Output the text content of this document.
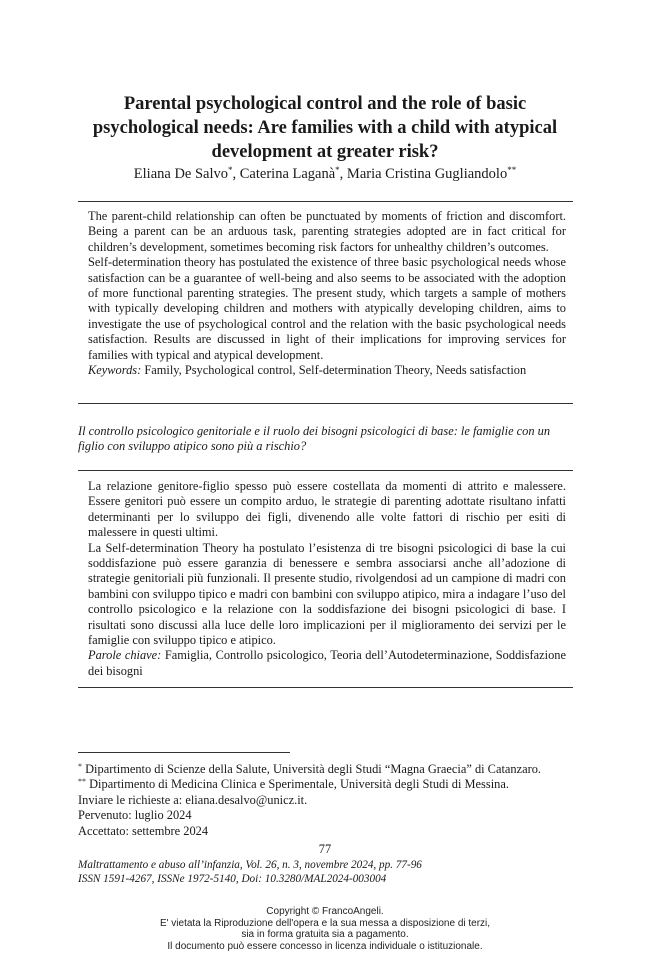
Parental psychological control and the role of basic psychological needs: Are families with a child with atypical development at greater risk?
Eliana De Salvo*, Caterina Laganà*, Maria Cristina Gugliandolo**

The parent-child relationship can often be punctuated by moments of friction and discomfort. Being a parent can be an arduous task, parenting strategies adopted are in fact critical for children’s development, sometimes becoming risk factors for unhealthy children’s outcomes.

Self-determination theory has postulated the existence of three basic psychological needs whose satisfaction can be a guarantee of well-being and also seems to be associated with the adoption of more functional parenting strategies. The present study, which targets a sample of mothers with typically developing children and mothers with atypically developing children, aims to investigate the use of psychological control and the relation with the basic psychological needs satisfaction. Results are discussed in light of their implications for improving services for families with typical and atypical development.

Keywords: Family, Psychological control, Self-determination Theory, Needs satisfaction

Il controllo psicologico genitoriale e il ruolo dei bisogni psicologici di base: le famiglie con un figlio con sviluppo atipico sono più a rischio?

La relazione genitore-figlio spesso può essere costellata da momenti di attrito e malessere. Essere genitori può essere un compito arduo, le strategie di parenting adottate risultano infatti determinanti per lo sviluppo dei figli, divenendo alle volte fattori di rischio per esiti di malessere in questi ultimi.

La Self-determination Theory ha postulato l’esistenza di tre bisogni psicologici di base la cui soddisfazione può essere garanzia di benessere e sembra associarsi anche all’adozione di strategie genitoriali più funzionali. Il presente studio, rivolgendosi ad un campione di madri con bambini con sviluppo tipico e madri con bambini con sviluppo atipico, mira a indagare l’uso del controllo psicologico e la relazione con la soddisfazione dei bisogni psicologici di base. I risultati sono discussi alla luce delle loro implicazioni per il miglioramento dei servizi per le famiglie con sviluppo tipico e atipico.

Parole chiave: Famiglia, Controllo psicologico, Teoria dell’Autodeterminazione, Soddisfazione dei bisogni

* Dipartimento di Scienze della Salute, Università degli Studi “Magna Graecia” di Catanzaro.
** Dipartimento di Medicina Clinica e Sperimentale, Università degli Studi di Messina.
Inviare le richieste a: eliana.desalvo@unicz.it.
Pervenuto: luglio 2024
Accettato: settembre 2024
77
Maltrattamento e abuso all’infanzia, Vol. 26, n. 3, novembre 2024, pp. 77-96
ISSN 1591-4267, ISSNe 1972-5140, Doi: 10.3280/MAL2024-003004
Copyright © FrancoAngeli.
E' vietata la Riproduzione dell'opera e la sua messa a disposizione di terzi,
sia in forma gratuita sia a pagamento.
Il documento può essere concesso in licenza individuale o istituzionale.
